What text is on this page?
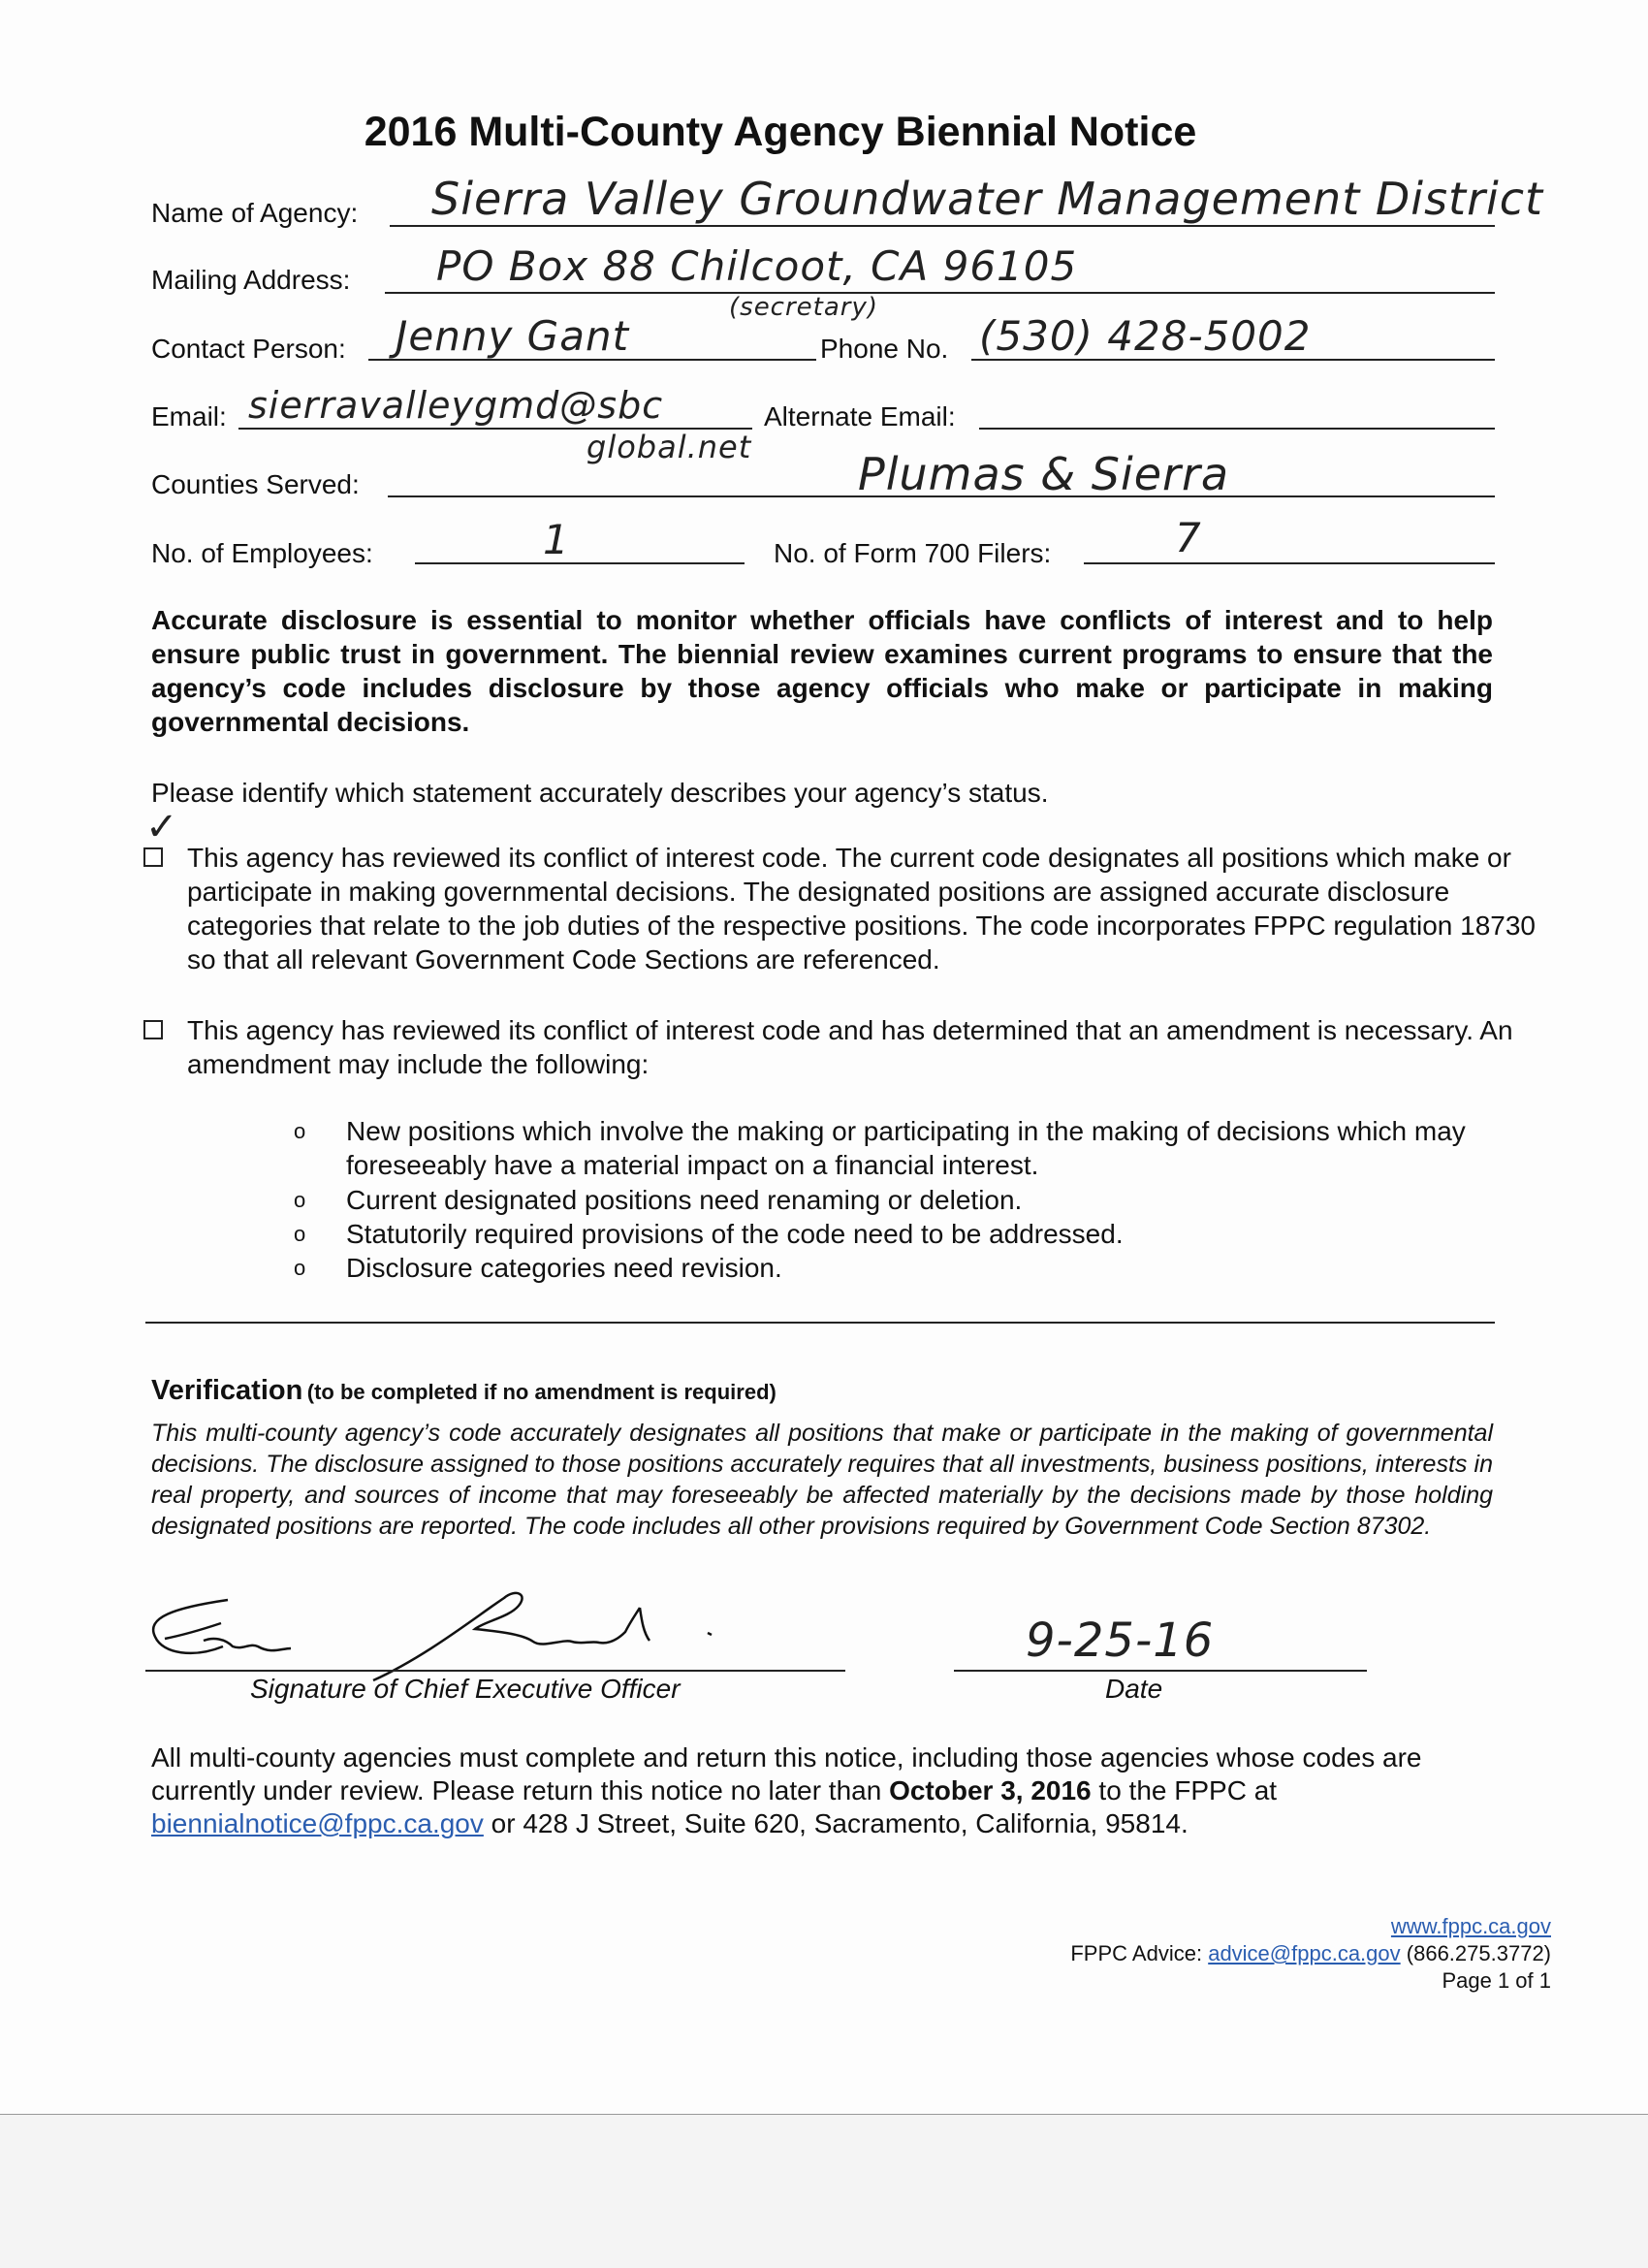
2016 Multi-County Agency Biennial Notice
Name of Agency: Sierra Valley Groundwater Management District
Mailing Address: PO Box 88 Chilcoot, CA 96105
Contact Person: Jenny Gant
(secretary)
Phone No. (530) 428-5002
Email: sierravalleygmd@sbc
global.net
Alternate Email:
Counties Served:	Plumas & Sierra
No. of Employees:	1	No. of Form 700 Filers:	7
Accurate disclosure is essential to monitor whether officials have conflicts of interest and to help ensure public trust in government. The biennial review examines current programs to ensure that the agency’s code includes disclosure by those agency officials who make or participate in making governmental decisions.
Please identify which statement accurately describes your agency’s status.
✓
This agency has reviewed its conflict of interest code. The current code designates all positions which make or participate in making governmental decisions. The designated positions are assigned accurate disclosure categories that relate to the job duties of the respective positions. The code incorporates FPPC regulation 18730 so that all relevant Government Code Sections are referenced.
This agency has reviewed its conflict of interest code and has determined that an amendment is necessary. An amendment may include the following:
o New positions which involve the making or participating in the making of decisions which may foreseeably have a material impact on a financial interest.
o Current designated positions need renaming or deletion.
o Statutorily required provisions of the code need to be addressed.
o Disclosure categories need revision.
Verification (to be completed if no amendment is required)
This multi-county agency’s code accurately designates all positions that make or participate in the making of governmental decisions. The disclosure assigned to those positions accurately requires that all investments, business positions, interests in real property, and sources of income that may foreseeably be affected materially by the decisions made by those holding designated positions are reported. The code includes all other provisions required by Government Code Section 87302.
Signature of Chief Executive Officer
9-25-16
Date
All multi-county agencies must complete and return this notice, including those agencies whose codes are currently under review. Please return this notice no later than October 3, 2016 to the FPPC at biennialnotice@fppc.ca.gov or 428 J Street, Suite 620, Sacramento, California, 95814.
www.fppc.ca.gov
FPPC Advice: advice@fppc.ca.gov (866.275.3772)
Page 1 of 1
